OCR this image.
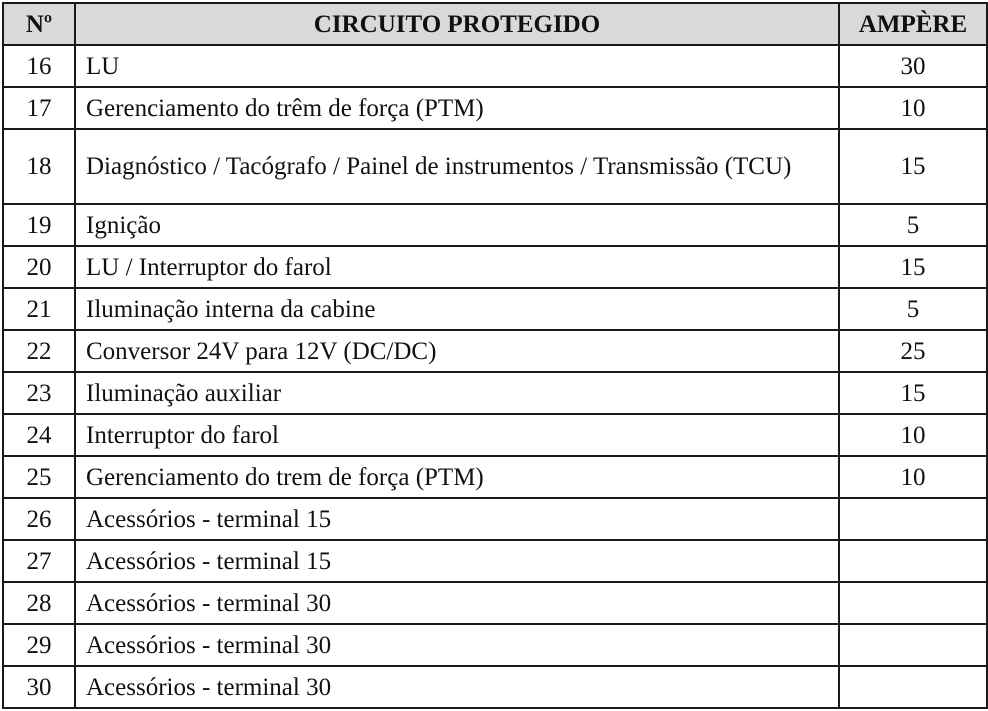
Nº	CIRCUITO PROTEGIDO	AMPÈRE
16	LU	30
17	Gerenciamento do trêm de força (PTM)	10
18	Diagnóstico / Tacógrafo / Painel de instrumentos / Transmissão (TCU)	15
19	Ignição	5
20	LU / Interruptor do farol	15
21	Iluminação interna da cabine	5
22	Conversor 24V para 12V (DC/DC)	25
23	Iluminação auxiliar	15
24	Interruptor do farol	10
25	Gerenciamento do trem de força (PTM)	10
26	Acessórios - terminal 15	
27	Acessórios - terminal 15	
28	Acessórios - terminal 30	
29	Acessórios - terminal 30	
30	Acessórios - terminal 30	
